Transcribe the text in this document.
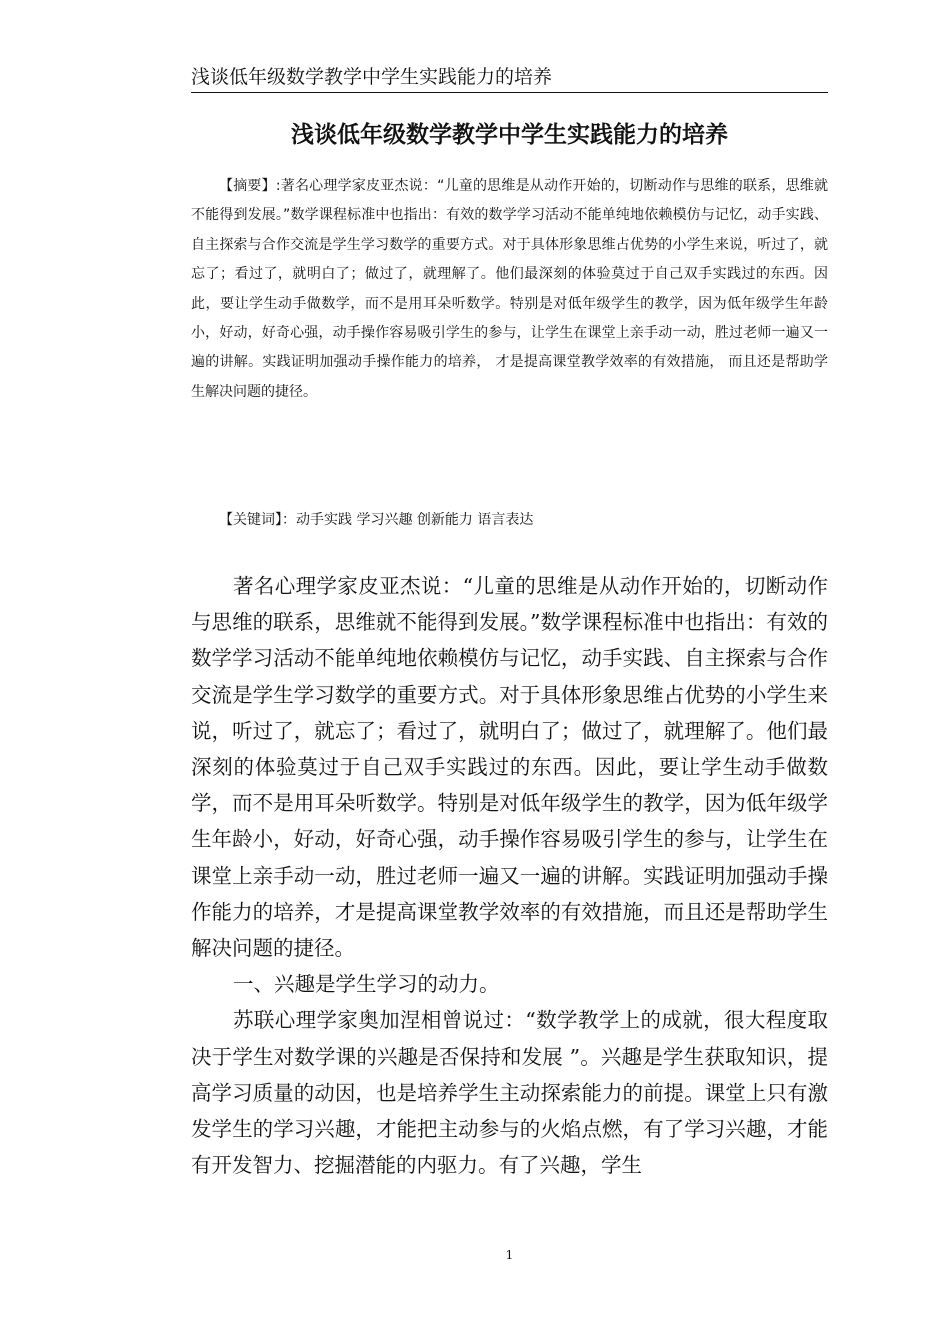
浅谈低年级数学教学中学生实践能力的培养
浅谈低年级数学教学中学生实践能力的培养

【摘要】:著名心理学家皮亚杰说：“儿童的思维是从动作开始的，切断动作与思维的联系，思维就不能得到发展。”数学课程标准中也指出：有效的数学学习活动不能单纯地依赖模仿与记忆，动手实践、自主探索与合作交流是学生学习数学的重要方式。对于具体形象思维占优势的小学生来说，听过了，就忘了；看过了，就明白了；做过了，就理解了。他们最深刻的体验莫过于自己双手实践过的东西。因此，要让学生动手做数学，而不是用耳朵听数学。特别是对低年级学生的教学，因为低年级学生年龄小，好动，好奇心强，动手操作容易吸引学生的参与，让学生在课堂上亲手动一动，胜过老师一遍又一遍的讲解。实践证明加强动手操作能力的培养， 才是提高课堂教学效率的有效措施， 而且还是帮助学生解决问题的捷径。

【关键词】：动手实践 学习兴趣 创新能力 语言表达

著名心理学家皮亚杰说：“儿童的思维是从动作开始的，切断动作与思维的联系，思维就不能得到发展。”数学课程标准中也指出：有效的数学学习活动不能单纯地依赖模仿与记忆，动手实践、自主探索与合作交流是学生学习数学的重要方式。对于具体形象思维占优势的小学生来说，听过了，就忘了；看过了，就明白了；做过了，就理解了。他们最深刻的体验莫过于自己双手实践过的东西。因此，要让学生动手做数学，而不是用耳朵听数学。特别是对低年级学生的教学，因为低年级学生年龄小，好动，好奇心强，动手操作容易吸引学生的参与，让学生在课堂上亲手动一动，胜过老师一遍又一遍的讲解。实践证明加强动手操作能力的培养，才是提高课堂教学效率的有效措施，而且还是帮助学生解决问题的捷径。

一、兴趣是学生学习的动力。

苏联心理学家奥加涅相曾说过：“数学教学上的成就，很大程度取决于学生对数学课的兴趣是否保持和发展 ”。兴趣是学生获取知识，提高学习质量的动因，也是培养学生主动探索能力的前提。课堂上只有激发学生的学习兴趣，才能把主动参与的火焰点燃，有了学习兴趣，才能有开发智力、挖掘潜能的内驱力。有了兴趣，学生

1
